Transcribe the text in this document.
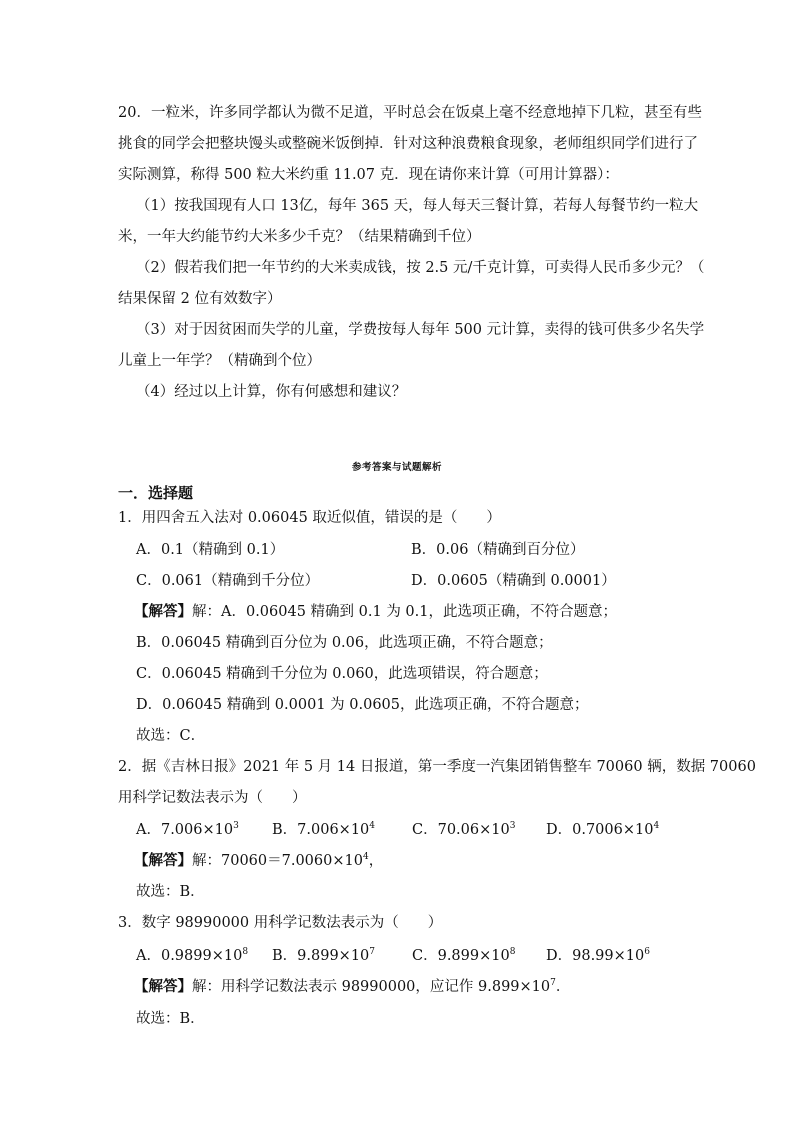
20．一粒米，许多同学都认为微不足道，平时总会在饭桌上毫不经意地掉下几粒，甚至有些
挑食的同学会把整块馒头或整碗米饭倒掉．针对这种浪费粮食现象，老师组织同学们进行了
实际测算，称得 500 粒大米约重 11.07 克．现在请你来计算（可用计算器）：
（1）按我国现有人口 13亿，每年 365 天，每人每天三餐计算，若每人每餐节约一粒大
米，一年大约能节约大米多少千克？（结果精确到千位）
（2）假若我们把一年节约的大米卖成钱，按 2.5 元/千克计算，可卖得人民币多少元？（
结果保留 2 位有效数字）
（3）对于因贫困而失学的儿童，学费按每人每年 500 元计算，卖得的钱可供多少名失学
儿童上一年学？（精确到个位）
（4）经过以上计算，你有何感想和建议？
参考答案与试题解析
一．选择题
1．用四舍五入法对 0.06045 取近似值，错误的是（　　）
A．0.1（精确到 0.1）	B．0.06（精确到百分位）
C．0.061（精确到千分位）	D．0.0605（精确到 0.0001）
【解答】解：A．0.06045 精确到 0.1 为 0.1，此选项正确，不符合题意；
B．0.06045 精确到百分位为 0.06，此选项正确，不符合题意；
C．0.06045 精确到千分位为 0.060，此选项错误，符合题意；
D．0.06045 精确到 0.0001 为 0.0605，此选项正确，不符合题意；
故选：C．
2．据《吉林日报》2021 年 5 月 14 日报道，第一季度一汽集团销售整车 70060 辆，数据 70060
用科学记数法表示为（　　）
A．$7.006\times 10^3$ B．$7.006\times 10^4$	C．$70.06\times 10^3$ D．$0.7006\times 10^4$
【解答】解：$70060=7.0060\times 10^4$，
故选：B．
3．数字 98990000 用科学记数法表示为（　　）
A．$0.9899\times 10^8$ B．$9.899\times 10^7$	C．$9.899\times 10^8$ D．$98.99\times 10^6$
【解答】解：用科学记数法表示 98990000，应记作 $9.899\times 10^7$．
故选：B．
